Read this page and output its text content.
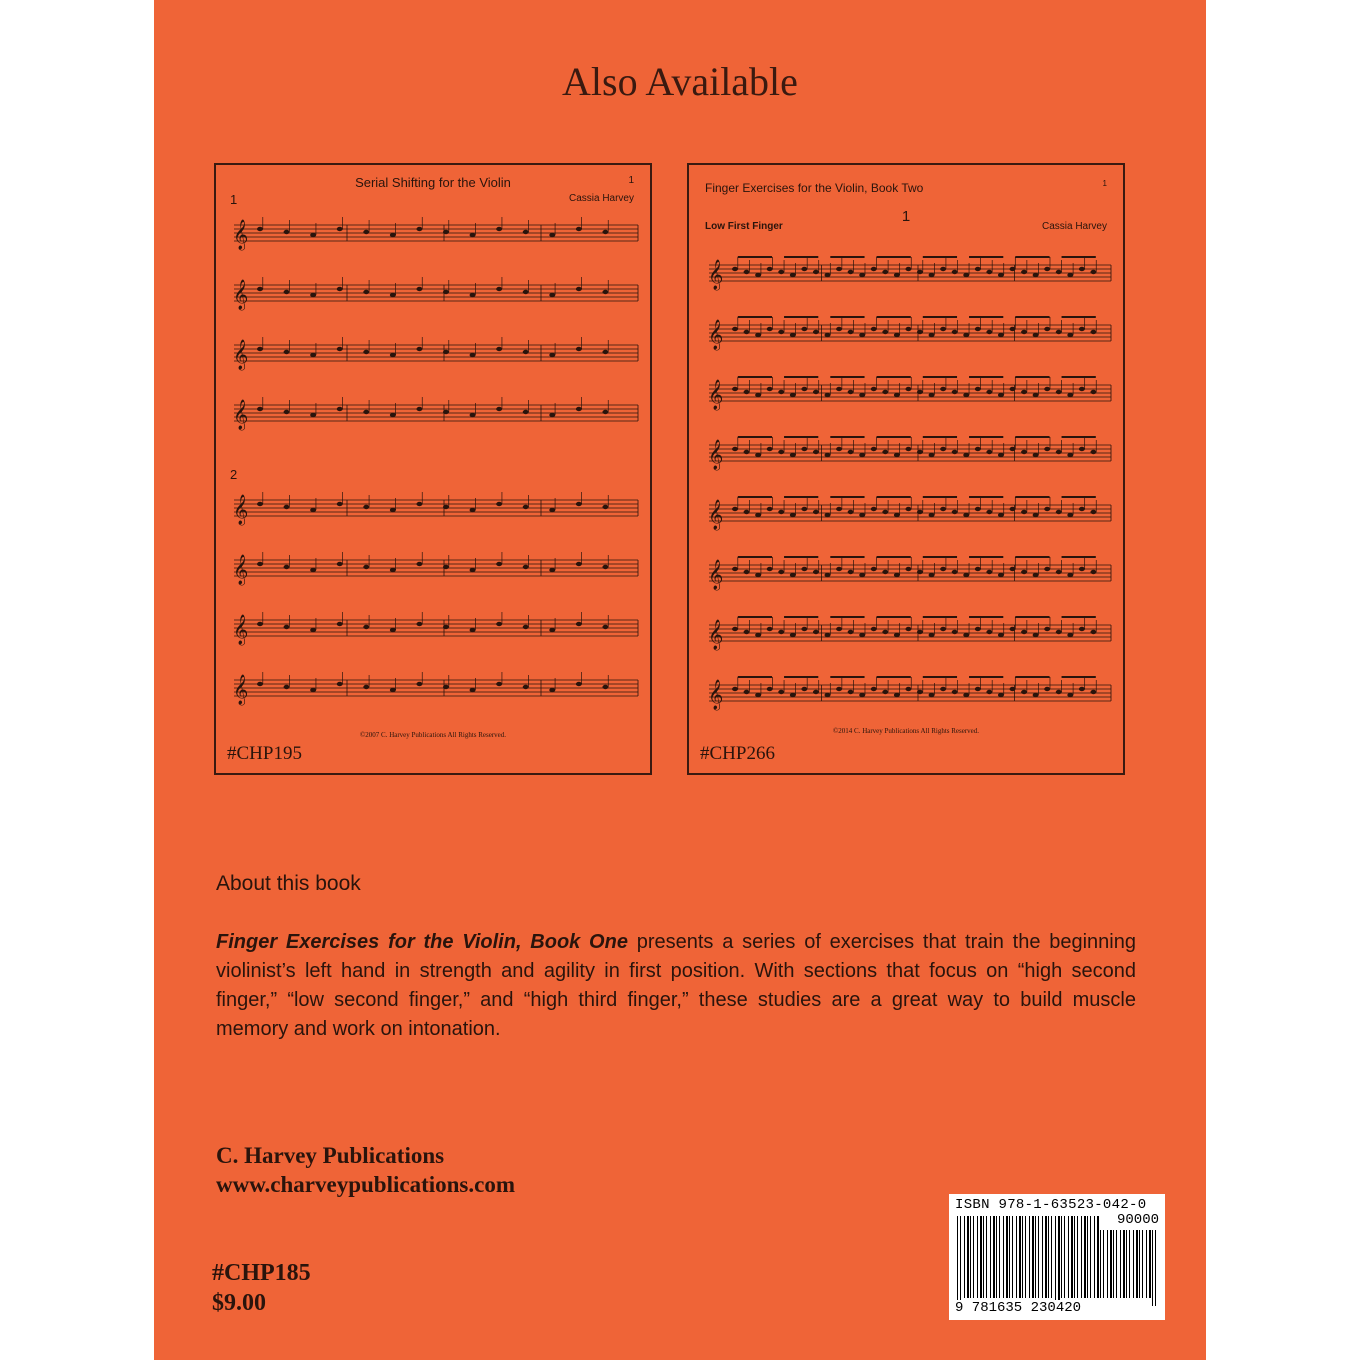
Also Available
Serial Shifting for the Violin	1
Cassia Harvey
1
2
𝄞
𝄞
𝄞
𝄞
𝄞
𝄞
𝄞
𝄞
©2007 C. Harvey Publications All Rights Reserved.
#CHP195
Finger Exercises for the Violin, Book Two	1
1
Low First Finger	Cassia Harvey
𝄞
𝄞
𝄞
𝄞
𝄞
𝄞
𝄞
𝄞
©2014 C. Harvey Publications All Rights Reserved.
#CHP266
About this book
Finger Exercises for the Violin, Book One presents a series of exercises that train the beginning violinist’s left hand in strength and agility in first position. With sections that focus on “high second finger,” “low second finger,” and “high third finger,” these studies are a great way to build muscle memory and work on intonation.
C. Harvey Publications
www.charveypublications.com
#CHP185
$9.00
ISBN 978-1-63523-042-0
90000
9 781635 230420
